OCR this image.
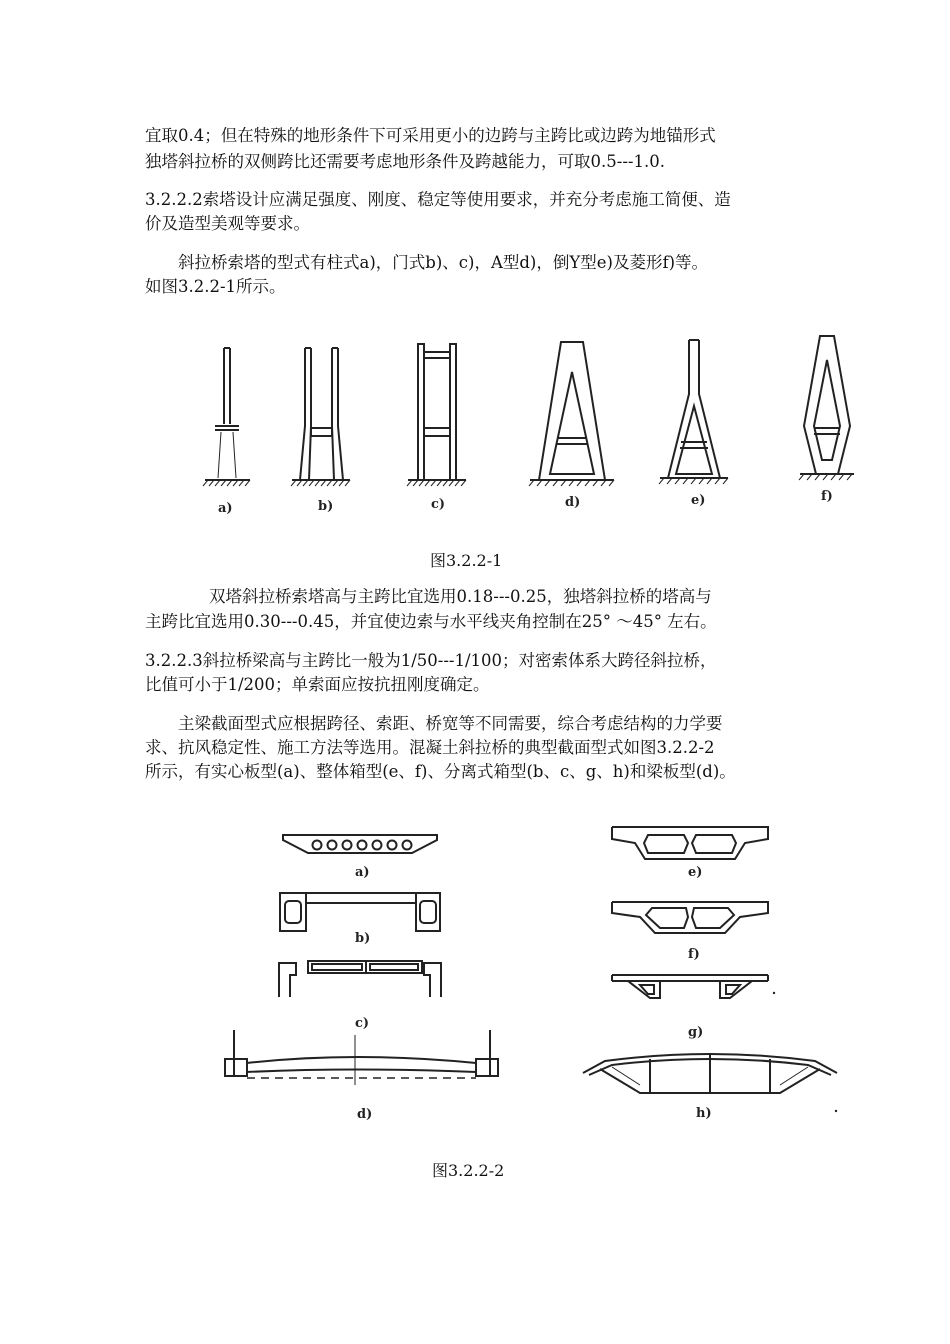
宜取0.4；但在特殊的地形条件下可采用更小的边跨与主跨比或边跨为地锚形式
独塔斜拉桥的双侧跨比还需要考虑地形条件及跨越能力，可取0.5---1.0.
3.2.2.2索塔设计应满足强度、刚度、稳定等使用要求，并充分考虑施工简便、造
价及造型美观等要求。
斜拉桥索塔的型式有柱式a)，门式b)、c)，A型d)，倒Y型e)及菱形f)等。
如图3.2.2-1所示。
a)	b)	c)	d)	e)	f)
图3.2.2-1
双塔斜拉桥索塔高与主跨比宜选用0.18---0.25，独塔斜拉桥的塔高与
主跨比宜选用0.30---0.45，并宜使边索与水平线夹角控制在25° ～45° 左右。
3.2.2.3斜拉桥梁高与主跨比一般为1/50---1/100；对密索体系大跨径斜拉桥，
比值可小于1/200；单索面应按抗扭刚度确定。
主梁截面型式应根据跨径、索距、桥宽等不同需要，综合考虑结构的力学要
求、抗风稳定性、施工方法等选用。混凝土斜拉桥的典型截面型式如图3.2.2-2
所示，有实心板型(a)、整体箱型(e、f)、分离式箱型(b、c、g、h)和梁板型(d)。
a)
b)
c)
d)
e)
f)
g)
h)
图3.2.2-2
